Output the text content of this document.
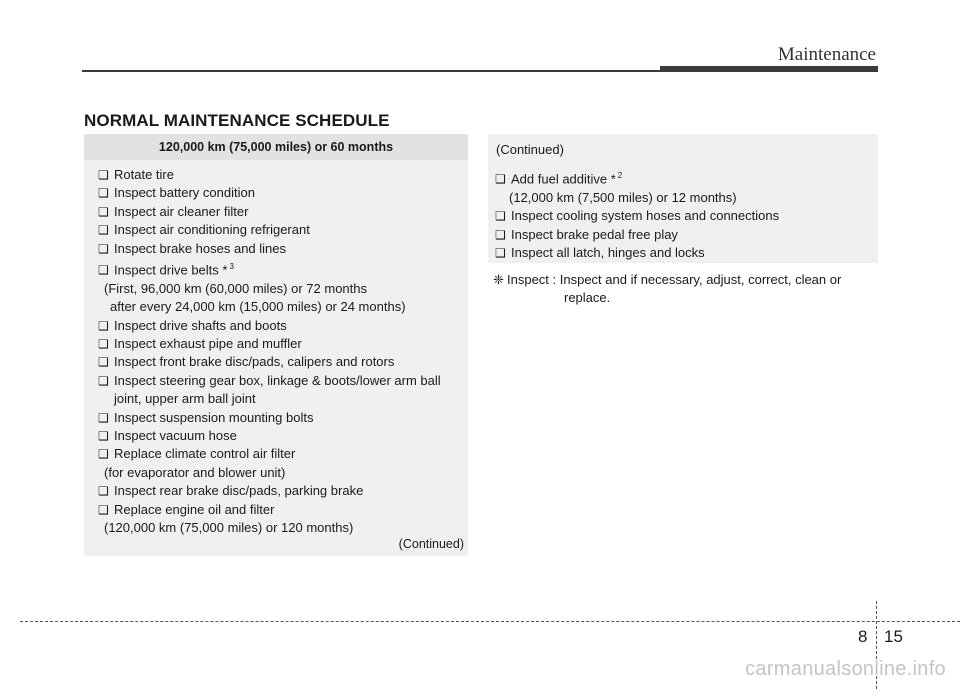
Maintenance
NORMAL MAINTENANCE SCHEDULE
120,000 km (75,000 miles) or 60 months
❑ Rotate tire
❑ Inspect battery condition
❑ Inspect air cleaner filter
❑ Inspect air conditioning refrigerant
❑ Inspect brake hoses and lines
❑ Inspect drive belts * $^3$
(First, 96,000 km (60,000 miles) or 72 months
after every 24,000 km (15,000 miles) or 24 months)
❑ Inspect drive shafts and boots
❑ Inspect exhaust pipe and muffler
❑ Inspect front brake disc/pads, calipers and rotors
❑ Inspect steering gear box, linkage & boots/lower arm ball
joint, upper arm ball joint
❑ Inspect suspension mounting bolts
❑ Inspect vacuum hose
❑ Replace climate control air filter
(for evaporator and blower unit)
❑ Inspect rear brake disc/pads, parking brake
❑ Replace engine oil and filter
(120,000 km (75,000 miles) or 120 months)
(Continued)
(Continued)
❑ Add fuel additive * $^2$
(12,000 km (7,500 miles) or 12 months)
❑ Inspect cooling system hoses and connections
❑ Inspect brake pedal free play
❑ Inspect all latch, hinges and locks
❈ Inspect : Inspect and if necessary, adjust, correct, clean or
replace.
8 15
carmanualsonline.info
